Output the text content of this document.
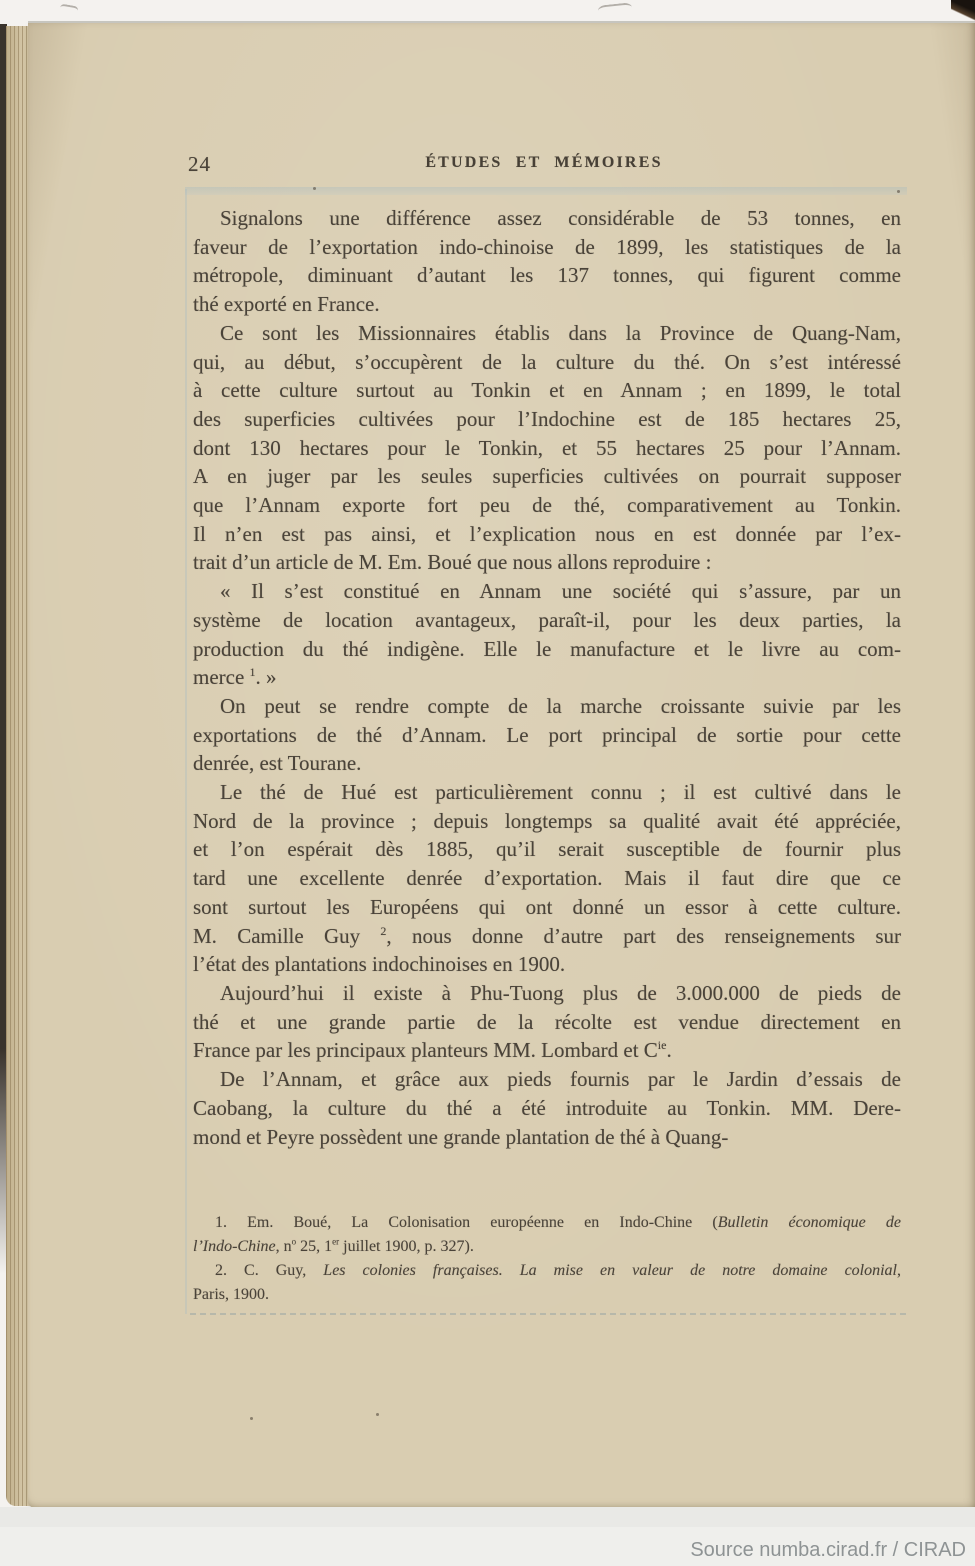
24	ÉTUDES ET MÉMOIRES
Signalons une différence assez considérable de 53 tonnes, en
faveur de l’exportation indo-chinoise de 1899, les statistiques de la
métropole, diminuant d’autant les 137 tonnes, qui figurent comme
thé exporté en France.
Ce sont les Missionnaires établis dans la Province de Quang-Nam,
qui, au début, s’occupèrent de la culture du thé. On s’est intéressé
à cette culture surtout au Tonkin et en Annam ; en 1899, le total
des superficies cultivées pour l’Indochine est de 185 hectares 25,
dont 130 hectares pour le Tonkin, et 55 hectares 25 pour l’Annam.
A en juger par les seules superficies cultivées on pourrait supposer
que l’Annam exporte fort peu de thé, comparativement au Tonkin.
Il n’en est pas ainsi, et l’explication nous en est donnée par l’ex-
trait d’un article de M. Em. Boué que nous allons reproduire :
« Il s’est constitué en Annam une société qui s’assure, par un
système de location avantageux, paraît-il, pour les deux parties, la
production du thé indigène. Elle le manufacture et le livre au com-
merce $^1$. »
On peut se rendre compte de la marche croissante suivie par les
exportations de thé d’Annam. Le port principal de sortie pour cette
denrée, est Tourane.
Le thé de Hué est particulièrement connu ; il est cultivé dans le
Nord de la province ; depuis longtemps sa qualité avait été appréciée,
et l’on espérait dès 1885, qu’il serait susceptible de fournir plus
tard une excellente denrée d’exportation. Mais il faut dire que ce
sont surtout les Européens qui ont donné un essor à cette culture.
M. Camille Guy $^2$, nous donne d’autre part des renseignements sur
l’état des plantations indochinoises en 1900.
Aujourd’hui il existe à Phu-Tuong plus de 3.000.000 de pieds de
thé et une grande partie de la récolte est vendue directement en
France par les principaux planteurs MM. Lombard et $C^{ie}$.
De l’Annam, et grâce aux pieds fournis par le Jardin d’essais de
Caobang, la culture du thé a été introduite au Tonkin. MM. Dere-
mond et Peyre possèdent une grande plantation de thé à Quang-
1. Em. Boué, La Colonisation européenne en Indo-Chine (Bulletin économique de
l’Indo-Chine, $n^o$ 25, 1er juillet 1900, p. 327).
2. C. Guy, Les colonies françaises. La mise en valeur de notre domaine colonial,
Paris, 1900.
Source numba.cirad.fr / CIRAD
